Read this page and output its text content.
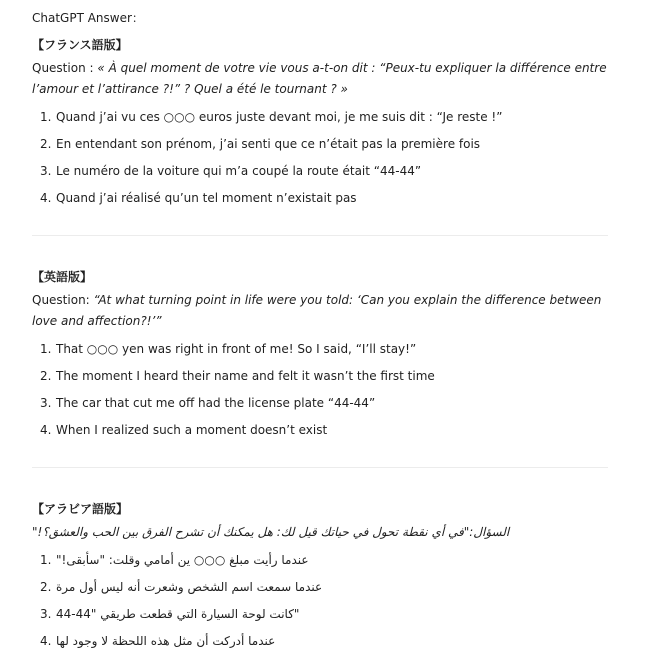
ChatGPT Answer：
【フランス語版】

Question : « À quel moment de votre vie vous a-t-on dit : “Peux-tu expliquer la différence entre l’amour et l’attirance ?!” ? Quel a été le tournant ? »

1. Quand j’ai vu ces ○○○ euros juste devant moi, je me suis dit : “Je reste !”
2. En entendant son prénom, j’ai senti que ce n’était pas la première fois
3. Le numéro de la voiture qui m’a coupé la route était “44-44”
4. Quand j’ai réalisé qu’un tel moment n’existait pas
【英語版】

Question: “At what turning point in life were you told: ‘Can you explain the difference between love and affection?!’”

1. That ○○○ yen was right in front of me! So I said, “I’ll stay!”
2. The moment I heard their name and felt it wasn’t the first time
3. The car that cut me off had the license plate “44-44”
4. When I realized such a moment doesn’t exist
【アラビア語版】

السؤال:"في أي نقطة تحول في حياتك قيل لك: هل يمكنك أن تشرح الفرق بين الحب والعشق؟!"

1. عندما رأيت مبلغ ○○○ ين أمامي وقلت: "سأبقى!"
2. عندما سمعت اسم الشخص وشعرت أنه ليس أول مرة
3. "كانت لوحة السيارة التي قطعت طريقي "44-44
4. عندما أدركت أن مثل هذه اللحظة لا وجود لها
